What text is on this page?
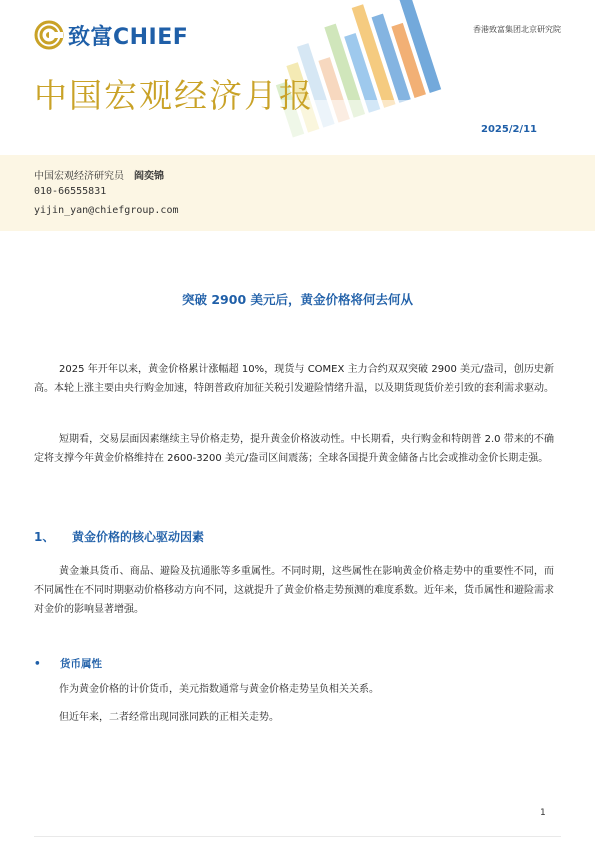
致富CHIEF	香港致富集团北京研究院
中国宏观经济月报
2025/2/11
中国宏观经济研究员 阎奕锦
010-66555831
yijin_yan@chiefgroup.com
突破 2900 美元后，黄金价格将何去何从

2025 年开年以来，黄金价格累计涨幅超 10%，现货与 COMEX 主力合约双双突破 2900 美元/盎司，创历史新高。本轮上涨主要由央行购金加速，特朗普政府加征关税引发避险情绪升温，以及期货现货价差引致的套利需求驱动。

短期看，交易层面因素继续主导价格走势，提升黄金价格波动性。中长期看，央行购金和特朗普 2.0 带来的不确定将支撑今年黄金价格维持在 2600-3200 美元/盎司区间震荡；全球各国提升黄金储备占比会或推动金价长期走强。

1、 黄金价格的核心驱动因素

黄金兼具货币、商品、避险及抗通胀等多重属性。不同时期，这些属性在影响黄金价格走势中的重要性不同，而不同属性在不同时期驱动价格移动方向不同，这就提升了黄金价格走势预测的难度系数。近年来，货币属性和避险需求对金价的影响显著增强。

• 货币属性

作为黄金价格的计价货币，美元指数通常与黄金价格走势呈负相关关系。

但近年来，二者经常出现同涨同跌的正相关走势。

1
